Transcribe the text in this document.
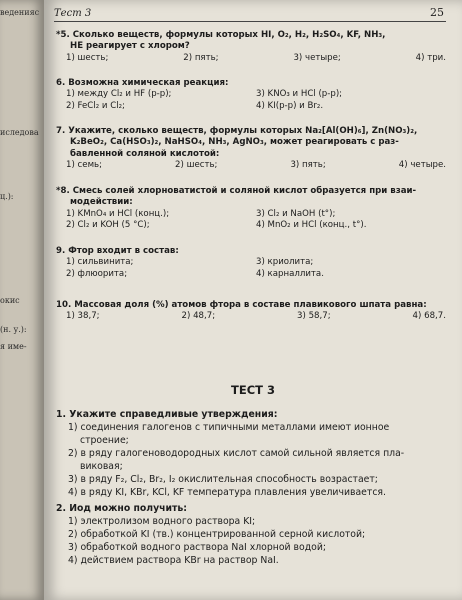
веденияс
иследова
ц.):
окис
(н. у.):
я име-
Тест 3	25
*5. Сколько веществ, формулы которых HI, O₂, H₂, H₂SO₄, KF, NH₃,
НЕ реагирует с хлором?
1) шесть;	2) пять;	3) четыре;	4) три.
6. Возможна химическая реакция:
1) между Cl₂ и HF (р-р);	3) KNO₃ и HCl (р-р);
2) FeCl₂ и Cl₂;	4) KI(р-р) и Br₂.
7. Укажите, сколько веществ, формулы которых Na₂[Al(OH)₆], Zn(NO₃)₂,
K₂BeO₂, Ca(HSO₃)₂, NaHSO₄, NH₃, AgNO₃, может реагировать с раз-
бавленной соляной кислотой:
1) семь;	2) шесть;	3) пять;	4) четыре.
*8. Смесь солей хлорноватистой и соляной кислот образуется при взаи-
модействии:
1) KMnO₄ и HCl (конц.);	3) Cl₂ и NaOH (t°);
2) Cl₂ и KOH (5 °C);	4) MnO₂ и HCl (конц., t°).
9. Фтор входит в состав:
1) сильвинита;	3) криолита;
2) флюорита;	4) карналлита.
10. Массовая доля (%) атомов фтора в составе плавикового шпата равна:
1) 38,7;	2) 48,7;	3) 58,7;	4) 68,7.
ТЕСТ 3
1. Укажите справедливые утверждения:
1) соединения галогенов с типичными металлами имеют ионное
строение;
2) в ряду галогеноводородных кислот самой сильной является пла-
виковая;
3) в ряду F₂, Cl₂, Br₂, I₂ окислительная способность возрастает;
4) в ряду KI, KBr, KCl, KF температура плавления увеличивается.
2. Иод можно получить:
1) электролизом водного раствора KI;
2) обработкой KI (тв.) концентрированной серной кислотой;
3) обработкой водного раствора NaI хлорной водой;
4) действием раствора KBr на раствор NaI.
